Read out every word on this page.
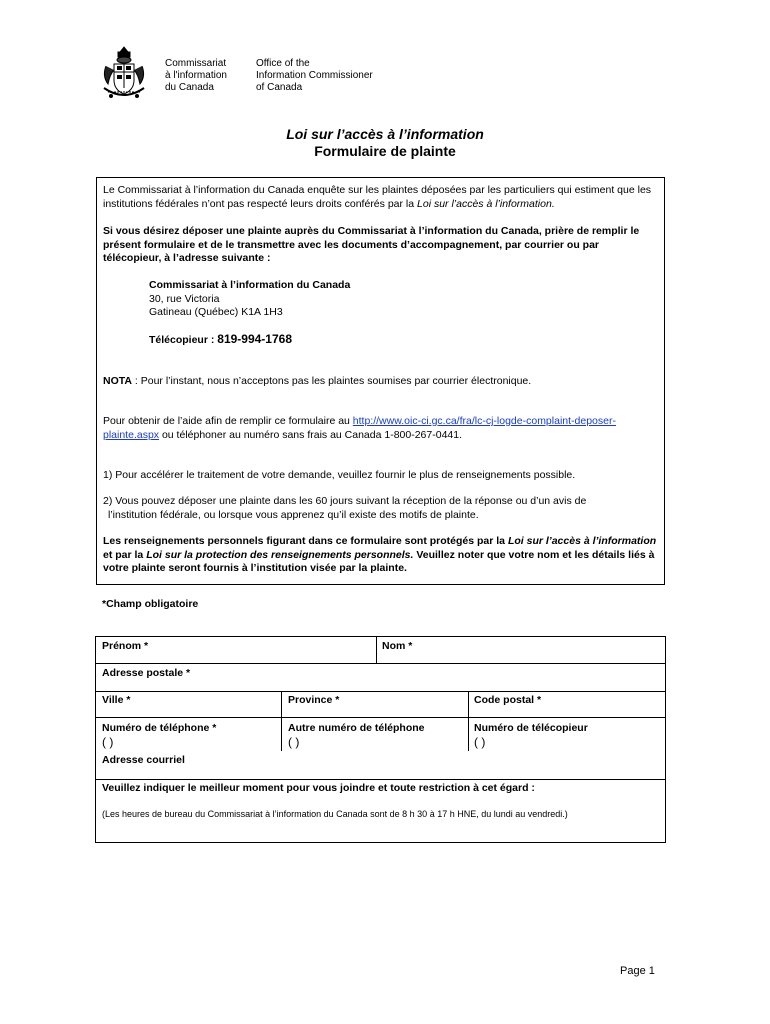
Commissariat
à l'information
du Canada
Office of the
Information Commissioner
of Canada
Loi sur l’accès à l’information
Formulaire de plainte

Le Commissariat à l’information du Canada enquête sur les plaintes déposées par les particuliers qui estiment que les institutions fédérales n’ont pas respecté leurs droits conférés par la Loi sur l’accès à l’information.

Si vous désirez déposer une plainte auprès du Commissariat à l’information du Canada, prière de remplir le présent formulaire et de le transmettre avec les documents d’accompagnement, par courrier ou par télécopieur, à l’adresse suivante :

Commissariat à l’information du Canada
30, rue Victoria
Gatineau (Québec) K1A 1H3
Télécopieur : 819-994-1768

NOTA : Pour l’instant, nous n’acceptons pas les plaintes soumises par courrier électronique.

Pour obtenir de l’aide afin de remplir ce formulaire au http://www.oic-ci.gc.ca/fra/lc-cj-logde-complaint-deposer-plainte.aspx ou téléphoner au numéro sans frais au Canada 1-800-267-0441.

1) Pour accélérer le traitement de votre demande, veuillez fournir le plus de renseignements possible.

2) Vous pouvez déposer une plainte dans les 60 jours suivant la réception de la réponse ou d’un avis de
l’institution fédérale, ou lorsque vous apprenez qu’il existe des motifs de plainte.

Les renseignements personnels figurant dans ce formulaire sont protégés par la Loi sur l’accès à l’information et par la Loi sur la protection des renseignements personnels. Veuillez noter que votre nom et les détails liés à votre plainte seront fournis à l’institution visée par la plainte.

*Champ obligatoire
Prénom *	Nom *
Adresse postale *
Ville *	Province *	Code postal *
Numéro de téléphone *	Autre numéro de téléphone	Numéro de télécopieur
( )	( )	( )
Adresse courriel
Veuillez indiquer le meilleur moment pour vous joindre et toute restriction à cet égard :
(Les heures de bureau du Commissariat à l’information du Canada sont de 8 h 30 à 17 h HNE, du lundi au vendredi.)
Page 1
